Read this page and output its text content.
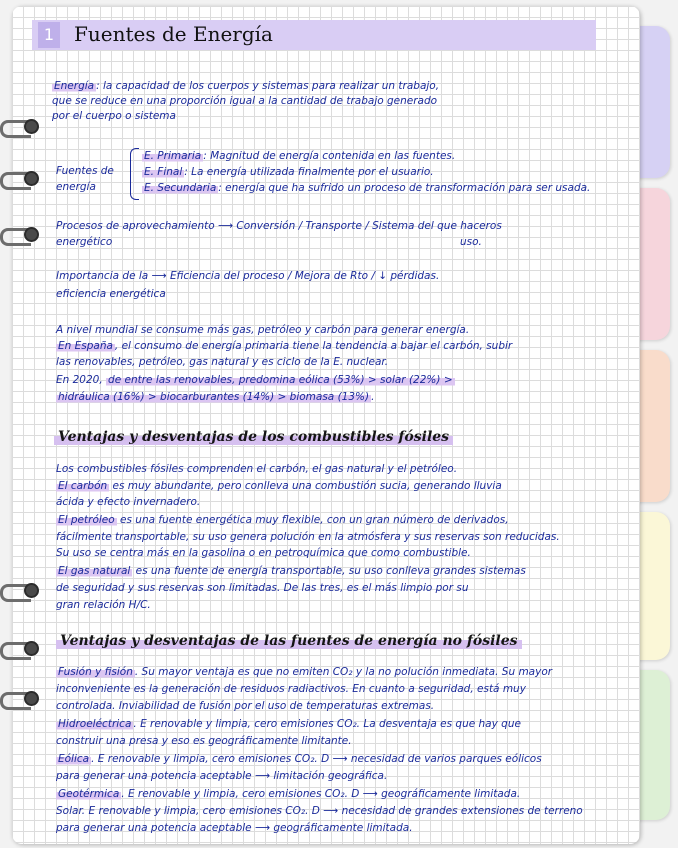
1 Fuentes de Energía
Energía : la capacidad de los cuerpos y sistemas para realizar un trabajo,
que se reduce en una proporción igual a la cantidad de trabajo generado
por el cuerpo o sistema
Fuentes de
energía
E. Primaria : Magnitud de energía contenida en las fuentes.
E. Final : La energía utilizada finalmente por el usuario.
E. Secundaria : energía que ha sufrido un proceso de transformación para ser usada.
Procesos de aprovechamiento ⟶ Conversión / Transporte / Sistema del que haceros
energético	uso.
Importancia de la ⟶ Eficiencia del proceso / Mejora de Rto / ↓ pérdidas.
eficiencia energética
A nivel mundial se consume más gas, petróleo y carbón para generar energía.
En España , el consumo de energía primaria tiene la tendencia a bajar el carbón, subir
las renovables, petróleo, gas natural y es ciclo de la E. nuclear.
En 2020, de entre las renovables, predomina eólica (53%) > solar (22%) >
hidráulica (16%) > biocarburantes (14%) > biomasa (13%) .
Ventajas y desventajas de los combustibles fósiles
Los combustibles fósiles comprenden el carbón, el gas natural y el petróleo.
El carbón es muy abundante, pero conlleva una combustión sucia, generando lluvia
ácida y efecto invernadero.
El petróleo es una fuente energética muy flexible, con un gran número de derivados,
fácilmente transportable, su uso genera polución en la atmósfera y sus reservas son reducidas.
Su uso se centra más en la gasolina o en petroquímica que como combustible.
El gas natural es una fuente de energía transportable, su uso conlleva grandes sistemas
de seguridad y sus reservas son limitadas. De las tres, es el más limpio por su
gran relación H/C.
Ventajas y desventajas de las fuentes de energía no fósiles
Fusión y fisión . Su mayor ventaja es que no emiten CO₂ y la no polución inmediata. Su mayor
inconveniente es la generación de residuos radiactivos. En cuanto a seguridad, está muy
controlada. Inviabilidad de fusión por el uso de temperaturas extremas.
Hidroeléctrica . E renovable y limpia, cero emisiones CO₂. La desventaja es que hay que
construir una presa y eso es geográficamente limitante.
Eólica . E renovable y limpia, cero emisiones CO₂. D ⟶ necesidad de varios parques eólicos
para generar una potencia aceptable ⟶ limitación geográfica.
Geotérmica . E renovable y limpia, cero emisiones CO₂. D ⟶ geográficamente limitada.
Solar. E renovable y limpia, cero emisiones CO₂. D ⟶ necesidad de grandes extensiones de terreno
para generar una potencia aceptable ⟶ geográficamente limitada.
